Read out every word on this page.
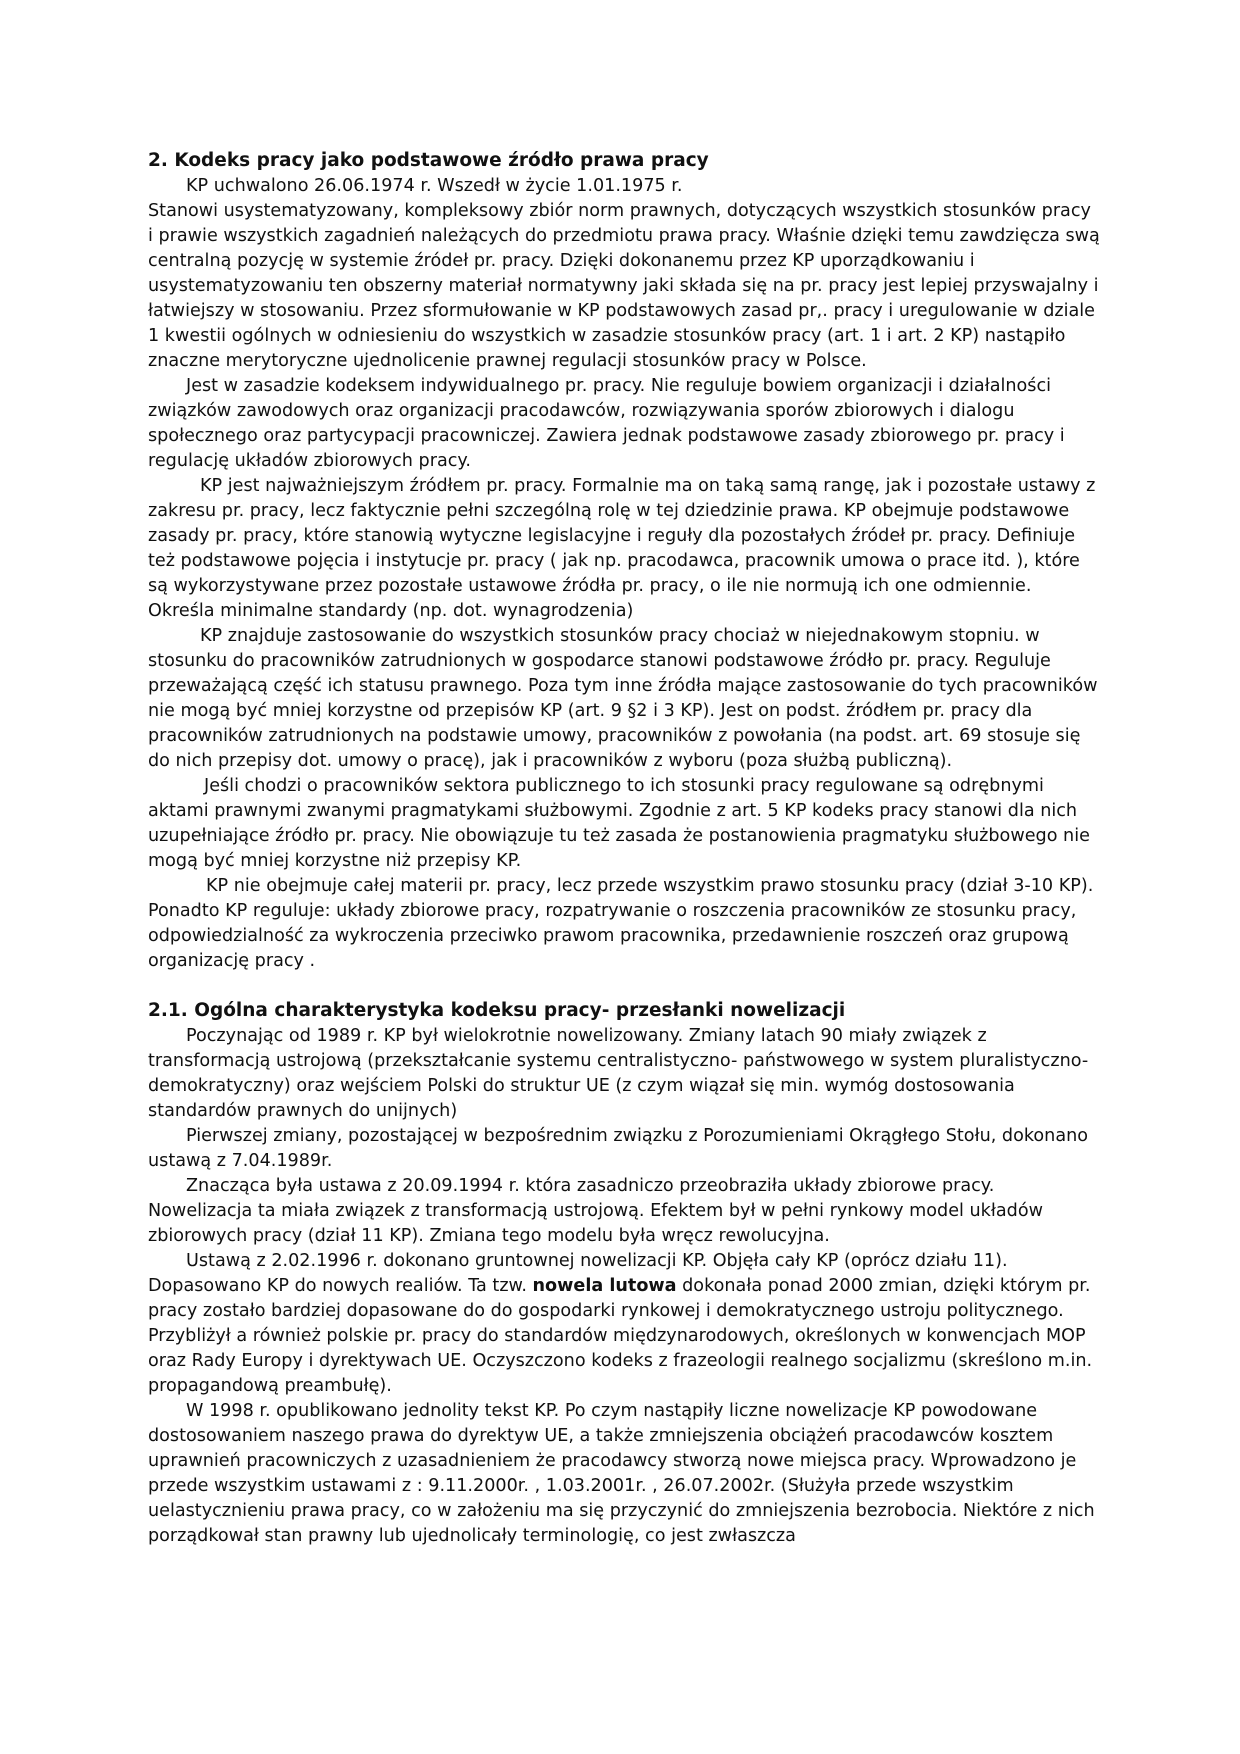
2. Kodeks pracy jako podstawowe źródło prawa pracy

KP uchwalono 26.06.1974 r. Wszedł w życie 1.01.1975 r.

Stanowi usystematyzowany, kompleksowy zbiór norm prawnych, dotyczących wszystkich stosunków pracy i prawie wszystkich zagadnień należących do przedmiotu prawa pracy. Właśnie dzięki temu zawdzięcza swą centralną pozycję w systemie źródeł pr. pracy. Dzięki dokonanemu przez KP uporządkowaniu i usystematyzowaniu ten obszerny materiał normatywny jaki składa się na pr. pracy jest lepiej przyswajalny i łatwiejszy w stosowaniu. Przez sformułowanie w KP podstawowych zasad pr,. pracy i uregulowanie w dziale 1 kwestii ogólnych w odniesieniu do wszystkich w zasadzie stosunków pracy (art. 1 i art. 2 KP) nastąpiło znaczne merytoryczne ujednolicenie prawnej regulacji stosunków pracy w Polsce.

Jest w zasadzie kodeksem indywidualnego pr. pracy. Nie reguluje bowiem organizacji i działalności związków zawodowych oraz organizacji pracodawców, rozwiązywania sporów zbiorowych i dialogu społecznego oraz partycypacji pracowniczej. Zawiera jednak podstawowe zasady zbiorowego pr. pracy i regulację układów zbiorowych pracy.

KP jest najważniejszym źródłem pr. pracy. Formalnie ma on taką samą rangę, jak i pozostałe ustawy z zakresu pr. pracy, lecz faktycznie pełni szczególną rolę w tej dziedzinie prawa. KP obejmuje podstawowe zasady pr. pracy, które stanowią wytyczne legislacyjne i reguły dla pozostałych źródeł pr. pracy. Definiuje też podstawowe pojęcia i instytucje pr. pracy ( jak np. pracodawca, pracownik umowa o prace itd. ), które są wykorzystywane przez pozostałe ustawowe źródła pr. pracy, o ile nie normują ich one odmiennie. Określa minimalne standardy (np. dot. wynagrodzenia)

KP znajduje zastosowanie do wszystkich stosunków pracy chociaż w niejednakowym stopniu. w stosunku do pracowników zatrudnionych w gospodarce stanowi podstawowe źródło pr. pracy. Reguluje przeważającą część ich statusu prawnego. Poza tym inne źródła mające zastosowanie do tych pracowników nie mogą być mniej korzystne od przepisów KP (art. 9 §2 i 3 KP). Jest on podst. źródłem pr. pracy dla pracowników zatrudnionych na podstawie umowy, pracowników z powołania (na podst. art. 69 stosuje się do nich przepisy dot. umowy o pracę), jak i pracowników z wyboru (poza służbą publiczną).

Jeśli chodzi o pracowników sektora publicznego to ich stosunki pracy regulowane są odrębnymi aktami prawnymi zwanymi pragmatykami służbowymi. Zgodnie z art. 5 KP kodeks pracy stanowi dla nich uzupełniające źródło pr. pracy. Nie obowiązuje tu też zasada że postanowienia pragmatyku służbowego nie mogą być mniej korzystne niż przepisy KP.

KP nie obejmuje całej materii pr. pracy, lecz przede wszystkim prawo stosunku pracy (dział 3-10 KP). Ponadto KP reguluje: układy zbiorowe pracy, rozpatrywanie o roszczenia pracowników ze stosunku pracy, odpowiedzialność za wykroczenia przeciwko prawom pracownika, przedawnienie roszczeń oraz grupową organizację pracy .

2.1. Ogólna charakterystyka kodeksu pracy- przesłanki nowelizacji

Poczynając od 1989 r. KP był wielokrotnie nowelizowany. Zmiany latach 90 miały związek z transformacją ustrojową (przekształcanie systemu centralistyczno- państwowego w system pluralistyczno-demokratyczny) oraz wejściem Polski do struktur UE (z czym wiązał się min. wymóg dostosowania standardów prawnych do unijnych)

Pierwszej zmiany, pozostającej w bezpośrednim związku z Porozumieniami Okrągłego Stołu, dokonano ustawą z 7.04.1989r.

Znacząca była ustawa z 20.09.1994 r. która zasadniczo przeobraziła układy zbiorowe pracy. Nowelizacja ta miała związek z transformacją ustrojową. Efektem był w pełni rynkowy model układów zbiorowych pracy (dział 11 KP). Zmiana tego modelu była wręcz rewolucyjna.

Ustawą z 2.02.1996 r. dokonano gruntownej nowelizacji KP. Objęła cały KP (oprócz działu 11). Dopasowano KP do nowych realiów. Ta tzw. nowela lutowa dokonała ponad 2000 zmian, dzięki którym pr. pracy zostało bardziej dopasowane do do gospodarki rynkowej i demokratycznego ustroju politycznego. Przybliżył a również polskie pr. pracy do standardów międzynarodowych, określonych w konwencjach MOP oraz Rady Europy i dyrektywach UE. Oczyszczono kodeks z frazeologii realnego socjalizmu (skreślono m.in. propagandową preambułę).

W 1998 r. opublikowano jednolity tekst KP. Po czym nastąpiły liczne nowelizacje KP powodowane dostosowaniem naszego prawa do dyrektyw UE, a także zmniejszenia obciążeń pracodawców kosztem uprawnień pracowniczych z uzasadnieniem że pracodawcy stworzą nowe miejsca pracy. Wprowadzono je przede wszystkim ustawami z : 9.11.2000r. , 1.03.2001r. , 26.07.2002r. (Służyła przede wszystkim uelastycznieniu prawa pracy, co w założeniu ma się przyczynić do zmniejszenia bezrobocia. Niektóre z nich porządkował stan prawny lub ujednolicały terminologię, co jest zwłaszcza
